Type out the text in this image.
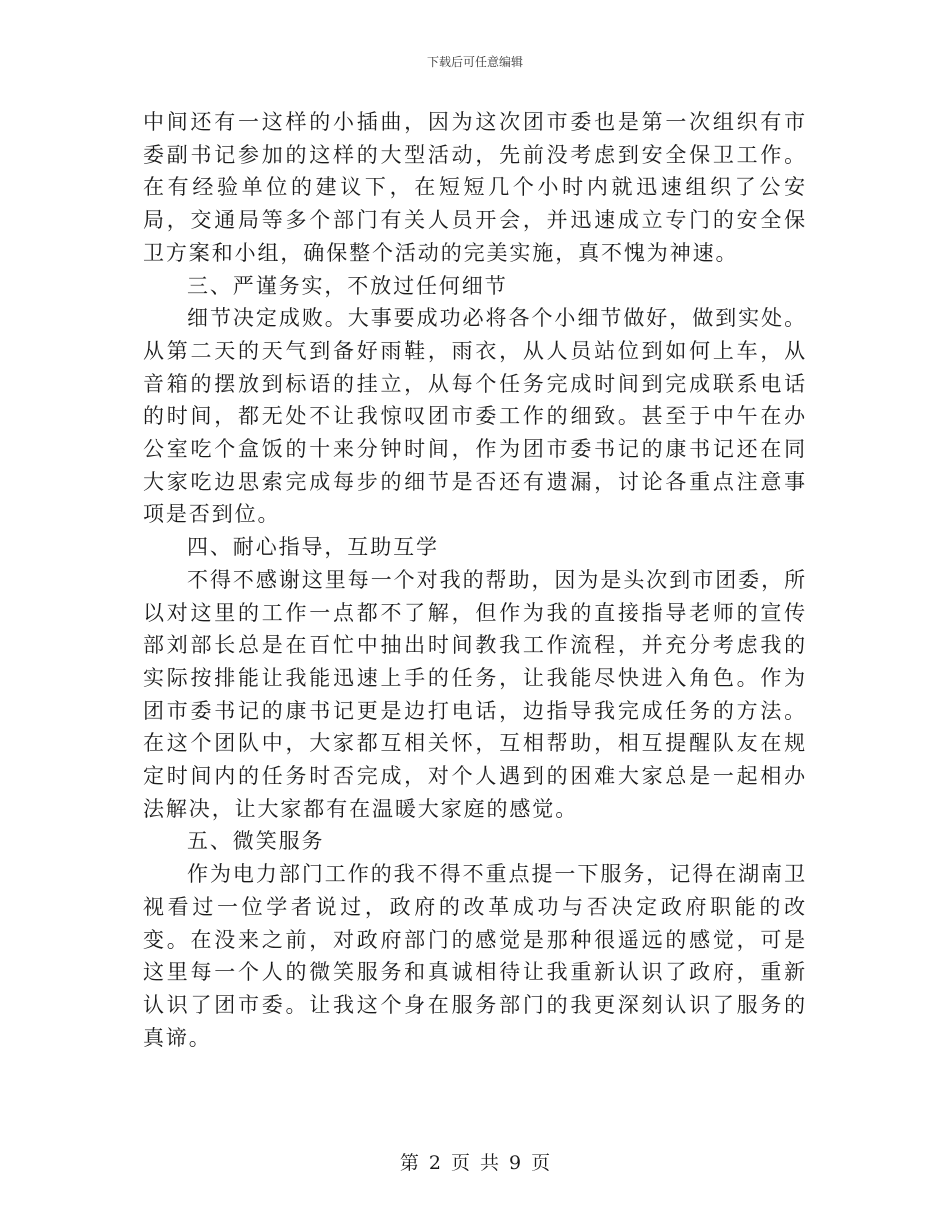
下载后可任意编辑

中间还有一这样的小插曲，因为这次团市委也是第一次组织有市委副书记参加的这样的大型活动，先前没考虑到安全保卫工作。在有经验单位的建议下，在短短几个小时内就迅速组织了公安局，交通局等多个部门有关人员开会，并迅速成立专门的安全保卫方案和小组，确保整个活动的完美实施，真不愧为神速。

三、严谨务实，不放过任何细节

细节决定成败。大事要成功必将各个小细节做好，做到实处。从第二天的天气到备好雨鞋，雨衣，从人员站位到如何上车，从音箱的摆放到标语的挂立，从每个任务完成时间到完成联系电话的时间，都无处不让我惊叹团市委工作的细致。甚至于中午在办公室吃个盒饭的十来分钟时间，作为团市委书记的康书记还在同大家吃边思索完成每步的细节是否还有遗漏，讨论各重点注意事项是否到位。

四、耐心指导，互助互学

不得不感谢这里每一个对我的帮助，因为是头次到市团委，所以对这里的工作一点都不了解，但作为我的直接指导老师的宣传部刘部长总是在百忙中抽出时间教我工作流程，并充分考虑我的实际按排能让我能迅速上手的任务，让我能尽快进入角色。作为团市委书记的康书记更是边打电话，边指导我完成任务的方法。在这个团队中，大家都互相关怀，互相帮助，相互提醒队友在规定时间内的任务时否完成，对个人遇到的困难大家总是一起相办法解决，让大家都有在温暖大家庭的感觉。

五、微笑服务

作为电力部门工作的我不得不重点提一下服务，记得在湖南卫视看过一位学者说过，政府的改革成功与否决定政府职能的改变。在没来之前，对政府部门的感觉是那种很遥远的感觉，可是这里每一个人的微笑服务和真诚相待让我重新认识了政府，重新认识了团市委。让我这个身在服务部门的我更深刻认识了服务的真谛。

第 2 页 共 9 页
